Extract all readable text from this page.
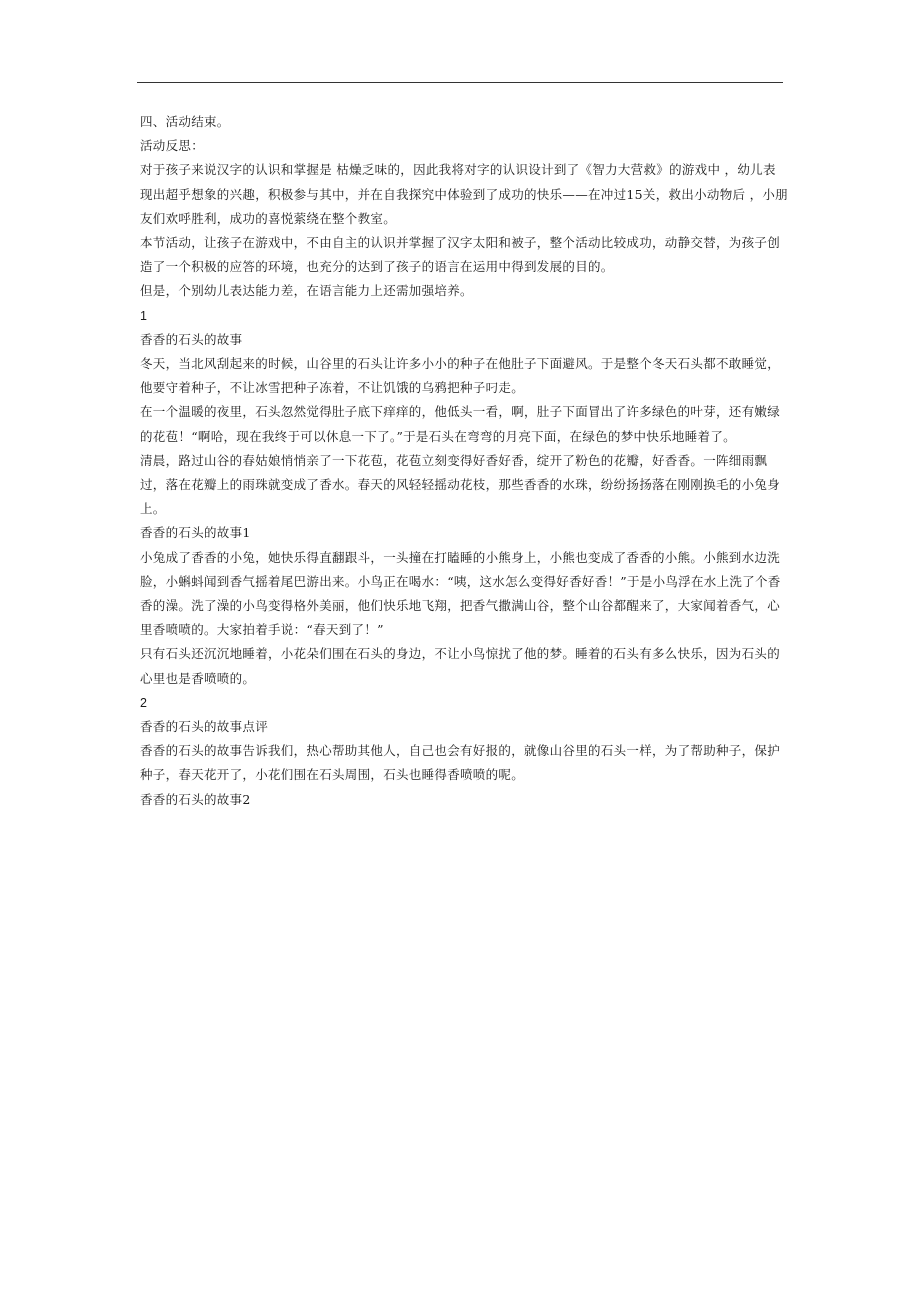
四、活动结束。

活动反思：

对于孩子来说汉字的认识和掌握是 枯燥乏味的，因此我将对字的认识设计到了《智力大营救》的游戏中 ，幼儿表现出超乎想象的兴趣，积极参与其中，并在自我探究中体验到了成功的快乐——在冲过15关，救出小动物后 ，小朋友们欢呼胜利，成功的喜悦萦绕在整个教室。

本节活动，让孩子在游戏中，不由自主的认识并掌握了汉字太阳和被子，整个活动比较成功，动静交替，为孩子创造了一个积极的应答的环境，也充分的达到了孩子的语言在运用中得到发展的目的。

但是，个别幼儿表达能力差，在语言能力上还需加强培养。

1

香香的石头的故事

冬天，当北风刮起来的时候，山谷里的石头让许多小小的种子在他肚子下面避风。于是整个冬天石头都不敢睡觉，他要守着种子，不让冰雪把种子冻着，不让饥饿的乌鸦把种子叼走。

在一个温暖的夜里，石头忽然觉得肚子底下痒痒的，他低头一看，啊，肚子下面冒出了许多绿色的叶芽，还有嫩绿的花苞！“啊哈，现在我终于可以休息一下了。”于是石头在弯弯的月亮下面，在绿色的梦中快乐地睡着了。

清晨，路过山谷的春姑娘悄悄亲了一下花苞，花苞立刻变得好香好香，绽开了粉色的花瓣，好香香。一阵细雨飘过，落在花瓣上的雨珠就变成了香水。春天的风轻轻摇动花枝，那些香香的水珠，纷纷扬扬落在刚刚换毛的小兔身上。

香香的石头的故事1

小兔成了香香的小兔，她快乐得直翻跟斗，一头撞在打瞌睡的小熊身上，小熊也变成了香香的小熊。小熊到水边洗脸，小蝌蚪闻到香气摇着尾巴游出来。小鸟正在喝水：“咦，这水怎么变得好香好香！”于是小鸟浮在水上洗了个香香的澡。洗了澡的小鸟变得格外美丽，他们快乐地飞翔，把香气撒满山谷，整个山谷都醒来了，大家闻着香气，心里香喷喷的。大家拍着手说：“春天到了！”

只有石头还沉沉地睡着，小花朵们围在石头的身边，不让小鸟惊扰了他的梦。睡着的石头有多么快乐，因为石头的心里也是香喷喷的。

2

香香的石头的故事点评

香香的石头的故事告诉我们，热心帮助其他人，自己也会有好报的，就像山谷里的石头一样，为了帮助种子，保护种子，春天花开了，小花们围在石头周围，石头也睡得香喷喷的呢。

香香的石头的故事2
